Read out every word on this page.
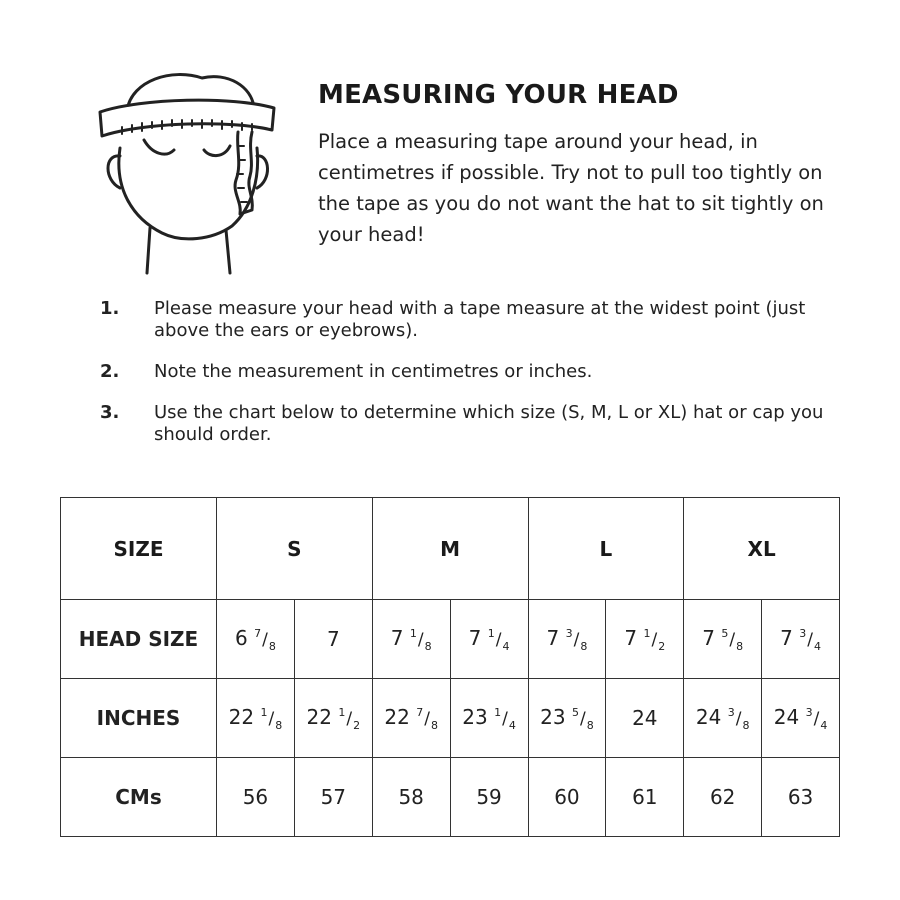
MEASURING YOUR HEAD

Place a measuring tape around your head, in centimetres if possible. Try not to pull too tightly on the tape as you do not want the hat to sit tightly on your head!

1.	Please measure your head with a tape measure at the widest point (just above the ears or eyebrows).
2.	Note the measurement in centimetres or inches.
3.	Use the chart below to determine which size (S, M, L or XL) hat or cap you should order.
SIZE	S		M		L		XL	
HEAD SIZE	6 $^7/_8$	7	7 $^1/_8$	7 $^1/_4$	7 $^3/_8$	7 $^1/_2$	7 $^5/_8$	7 $^3/_4$
INCHES	22 $^1/_8$	22 $^1/_2$	22 $^7/_8$	23 $^1/_4$	23 $^5/_8$	24	24 $^3/_8$	24 $^3/_4$
CMs	56	57	58	59	60	61	62	63
